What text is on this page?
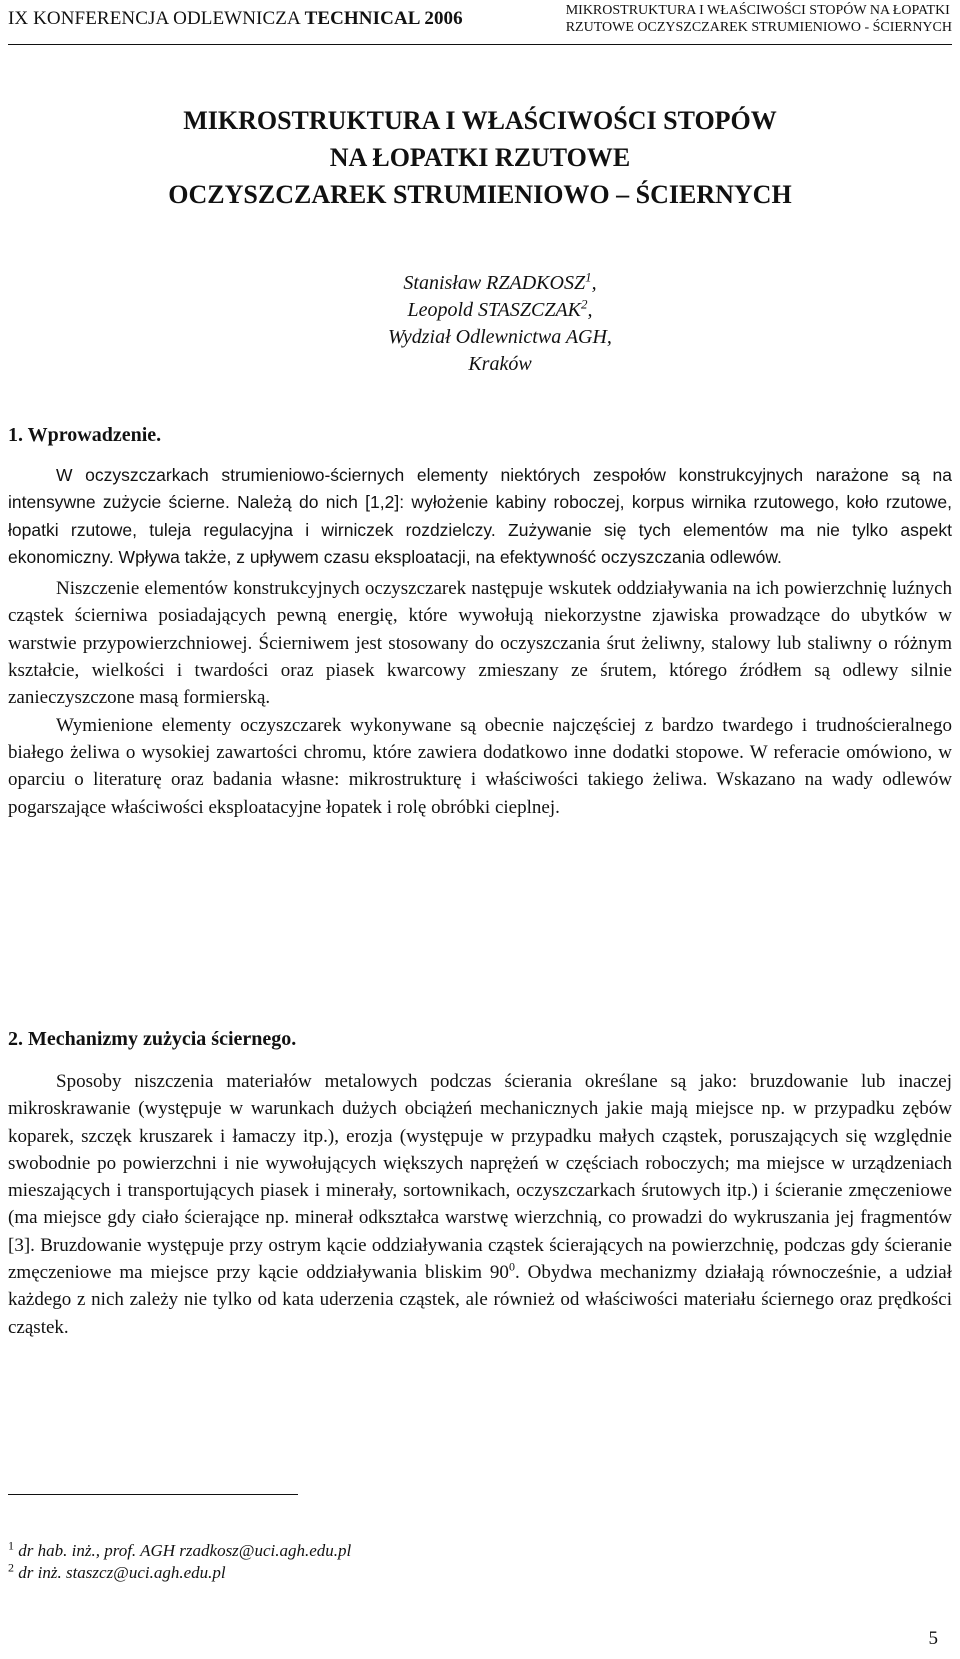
IX KONFERENCJA ODLEWNICZA TECHNICAL 2006	MIKROSTRUKTURA I WŁAŚCIWOŚCI STOPÓW NA ŁOPATKI
RZUTOWE OCZYSZCZAREK STRUMIENIOWO - ŚCIERNYCH
MIKROSTRUKTURA I WŁAŚCIWOŚCI STOPÓW
NA ŁOPATKI RZUTOWE
OCZYSZCZAREK STRUMIENIOWO – ŚCIERNYCH
Stanisław RZADKOSZ$^1$,
Leopold STASZCZAK$^2$,
Wydział Odlewnictwa AGH,
Kraków
1. Wprowadzenie.

W oczyszczarkach strumieniowo-ściernych elementy niektórych zespołów konstrukcyjnych narażone są na intensywne zużycie ścierne. Należą do nich [1,2]: wyłożenie kabiny roboczej, korpus wirnika rzutowego, koło rzutowe, łopatki rzutowe, tuleja regulacyjna i wirniczek rozdzielczy. Zużywanie się tych elementów ma nie tylko aspekt ekonomiczny. Wpływa także, z upływem czasu eksploatacji, na efektywność oczyszczania odlewów.

Niszczenie elementów konstrukcyjnych oczyszczarek następuje wskutek oddziaływania na ich powierzchnię luźnych cząstek ścierniwa posiadających pewną energię, które wywołują niekorzystne zjawiska prowadzące do ubytków w warstwie przypowierzchniowej. Ścierniwem jest stosowany do oczyszczania śrut żeliwny, stalowy lub staliwny o różnym kształcie, wielkości i twardości oraz piasek kwarcowy zmieszany ze śrutem, którego źródłem są odlewy silnie zanieczyszczone masą formierską.

Wymienione elementy oczyszczarek wykonywane są obecnie najczęściej z bardzo twardego i trudnościeralnego białego żeliwa o wysokiej zawartości chromu, które zawiera dodatkowo inne dodatki stopowe. W referacie omówiono, w oparciu o literaturę oraz badania własne: mikrostrukturę i właściwości takiego żeliwa. Wskazano na wady odlewów pogarszające właściwości eksploatacyjne łopatek i rolę obróbki cieplnej.

2. Mechanizmy zużycia ściernego.

Sposoby niszczenia materiałów metalowych podczas ścierania określane są jako: bruzdowanie lub inaczej mikroskrawanie (występuje w warunkach dużych obciążeń mechanicznych jakie mają miejsce np. w przypadku zębów koparek, szczęk kruszarek i łamaczy itp.), erozja (występuje w przypadku małych cząstek, poruszających się względnie swobodnie po powierzchni i nie wywołujących większych naprężeń w częściach roboczych; ma miejsce w urządzeniach mieszających i transportujących piasek i minerały, sortownikach, oczyszczarkach śrutowych itp.) i ścieranie zmęczeniowe (ma miejsce gdy ciało ścierające np. minerał odkształca warstwę wierzchnią, co prowadzi do wykruszania jej fragmentów [3]. Bruzdowanie występuje przy ostrym kącie oddziaływania cząstek ścierających na powierzchnię, podczas gdy ścieranie zmęczeniowe ma miejsce przy kącie oddziaływania bliskim $90^0$. Obydwa mechanizmy działają równocześnie, a udział każdego z nich zależy nie tylko od kata uderzenia cząstek, ale również od właściwości materiału ściernego oraz prędkości cząstek.

$^1$ dr hab. inż., prof. AGH rzadkosz@uci.agh.edu.pl
$^2$ dr inż. staszcz@uci.agh.edu.pl
5
